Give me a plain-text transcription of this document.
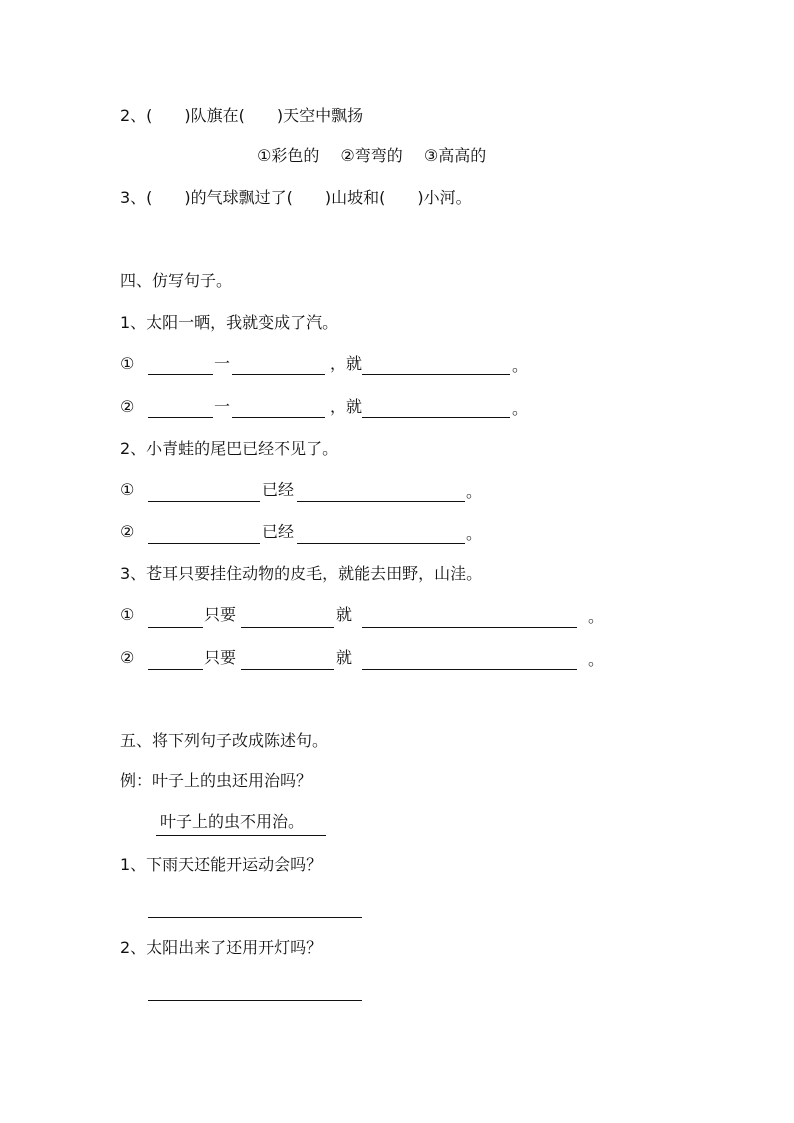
2、(　　)队旗在(　　)天空中飘扬
①彩色的　 ②弯弯的　 ③高高的
3、(　　)的气球飘过了(　　)山坡和(　　)小河。
四、仿写句子。
1、太阳一晒，我就变成了汽。
①	一	，就	。
②	一	，就	。
2、小青蛙的尾巴已经不见了。
①	已经	。
②	已经	。
3、苍耳只要挂住动物的皮毛，就能去田野，山洼。
①	只要	就	。
②	只要	就	。
五、将下列句子改成陈述句。
例：叶子上的虫还用治吗？
叶子上的虫不用治。
1、下雨天还能开运动会吗？
2、太阳出来了还用开灯吗？
